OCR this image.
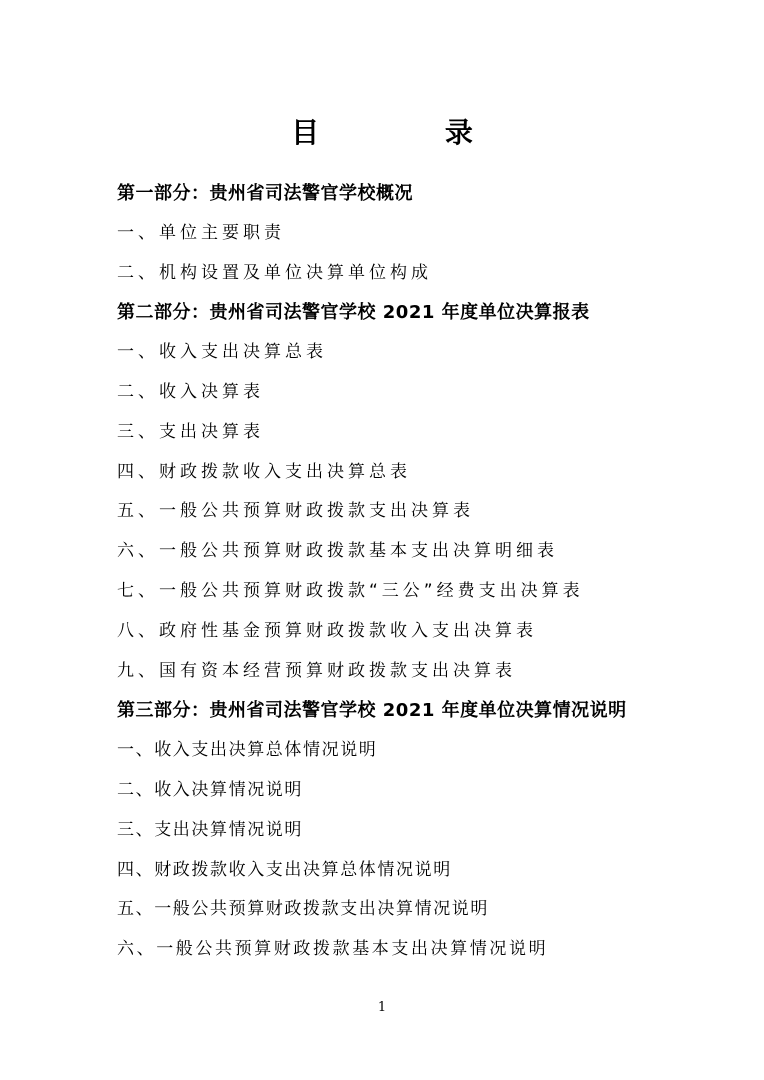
目 录
第一部分：贵州省司法警官学校概况
一、单位主要职责
二、机构设置及单位决算单位构成
第二部分：贵州省司法警官学校 2021 年度单位决算报表
一、收入支出决算总表
二、收入决算表
三、支出决算表
四、财政拨款收入支出决算总表
五、一般公共预算财政拨款支出决算表
六、一般公共预算财政拨款基本支出决算明细表
七、一般公共预算财政拨款“三公”经费支出决算表
八、政府性基金预算财政拨款收入支出决算表
九、国有资本经营预算财政拨款支出决算表
第三部分：贵州省司法警官学校 2021 年度单位决算情况说明
一、收入支出决算总体情况说明
二、收入决算情况说明
三、支出决算情况说明
四、财政拨款收入支出决算总体情况说明
五、一般公共预算财政拨款支出决算情况说明
六、一般公共预算财政拨款基本支出决算情况说明
1
